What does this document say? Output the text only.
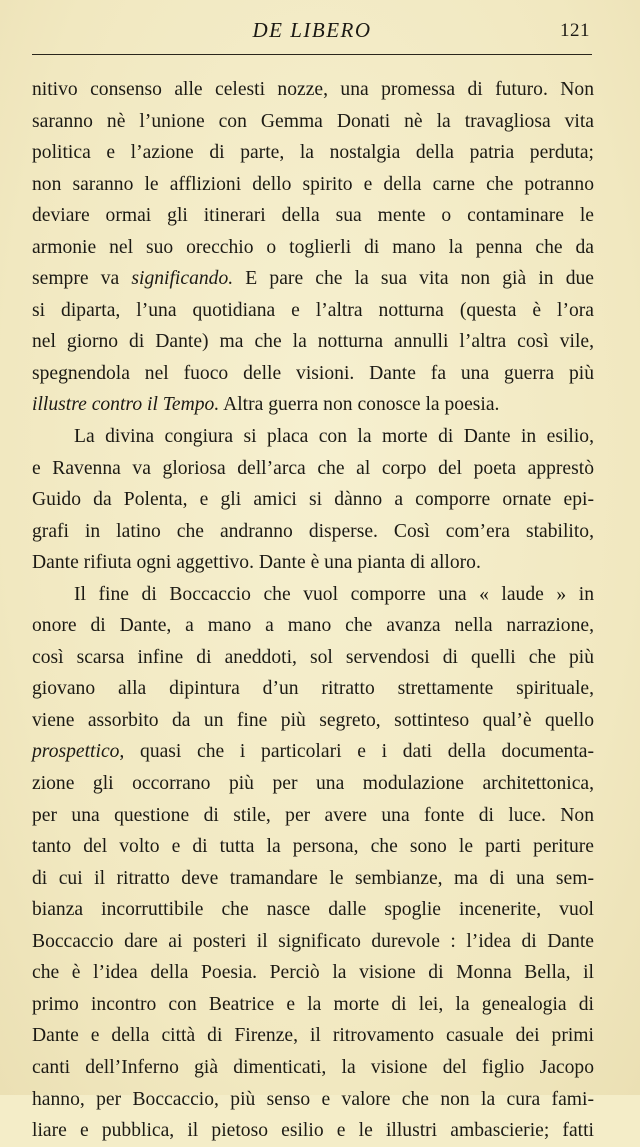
DE LIBERO	121
nitivo consenso alle celesti nozze, una promessa di futuro. Non
saranno nè l’unione con Gemma Donati nè la travagliosa vita
politica e l’azione di parte, la nostalgia della patria perduta;
non saranno le afflizioni dello spirito e della carne che potranno
deviare ormai gli itinerari della sua mente o contaminare le
armonie nel suo orecchio o toglierli di mano la penna che da
sempre va significando. E pare che la sua vita non già in due
si diparta, l’una quotidiana e l’altra notturna (questa è l’ora
nel giorno di Dante) ma che la notturna annulli l’altra così vile,
spegnendola nel fuoco delle visioni. Dante fa una guerra più
illustre contro il Tempo. Altra guerra non conosce la poesia.
La divina congiura si placa con la morte di Dante in esilio,
e Ravenna va gloriosa dell’arca che al corpo del poeta apprestò
Guido da Polenta, e gli amici si dànno a comporre ornate epi-
grafi in latino che andranno disperse. Così com’era stabilito,
Dante rifiuta ogni aggettivo. Dante è una pianta di alloro.
Il fine di Boccaccio che vuol comporre una « laude » in
onore di Dante, a mano a mano che avanza nella narrazione,
così scarsa infine di aneddoti, sol servendosi di quelli che più
giovano alla dipintura d’un ritratto strettamente spirituale,
viene assorbito da un fine più segreto, sottinteso qual’è quello
prospettico, quasi che i particolari e i dati della documenta-
zione gli occorrano più per una modulazione architettonica,
per una questione di stile, per avere una fonte di luce. Non
tanto del volto e di tutta la persona, che sono le parti periture
di cui il ritratto deve tramandare le sembianze, ma di una sem-
bianza incorruttibile che nasce dalle spoglie incenerite, vuol
Boccaccio dare ai posteri il significato durevole : l’idea di Dante
che è l’idea della Poesia. Perciò la visione di Monna Bella, il
primo incontro con Beatrice e la morte di lei, la genealogia di
Dante e della città di Firenze, il ritrovamento casuale dei primi
canti dell’Inferno già dimenticati, la visione del figlio Jacopo
hanno, per Boccaccio, più senso e valore che non la cura fami-
liare e pubblica, il pietoso esilio e le illustri ambascierie; fatti
